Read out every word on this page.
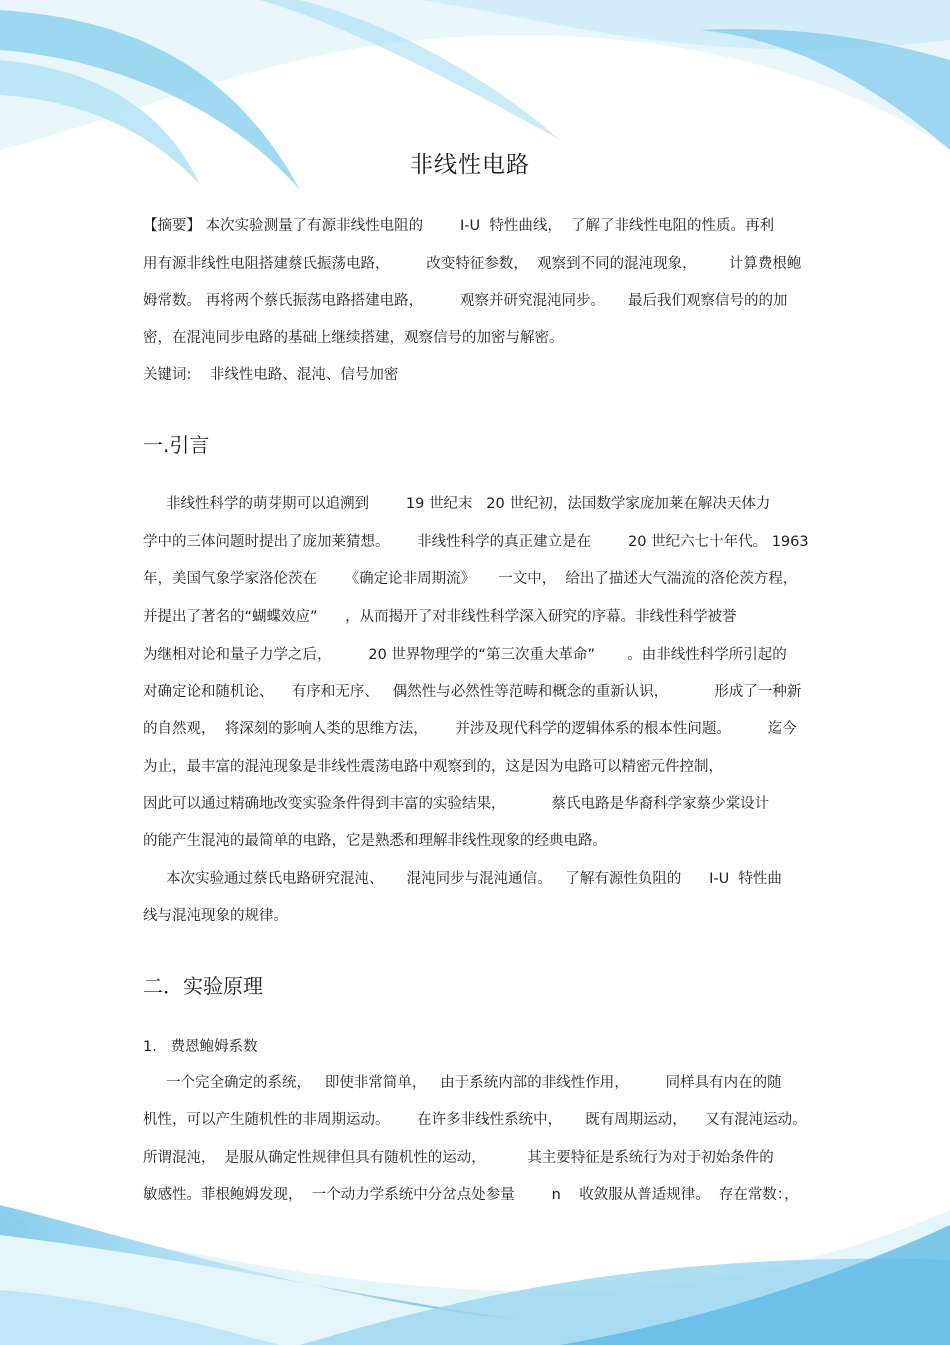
非线性电路
【摘要】 本次实验测量了有源非线性电阻的        I-U  特性曲线，  了解了非线性电阻的性质。再利
用有源非线性电阻搭建蔡氏振荡电路，        改变特征参数，  观察到不同的混沌现象，       计算费根鲍
姆常数。 再将两个蔡氏振荡电路搭建电路，        观察并研究混沌同步。     最后我们观察信号的的加
密，在混沌同步电路的基础上继续搭建，观察信号的加密与解密。
关键词:    非线性电路、混沌、信号加密
一.引言
非线性科学的萌芽期可以追溯到        19 世纪末   20 世纪初，法国数学家庞加莱在解决天体力
学中的三体问题时提出了庞加莱猜想。      非线性科学的真正建立是在        20 世纪六七十年代。 1963
年，美国气象学家洛伦茨在      《确定论非周期流》     一文中，  给出了描述大气湍流的洛伦茨方程，
并提出了著名的“蝴蝶效应”      ，从而揭开了对非线性科学深入研究的序幕。非线性科学被誉
为继相对论和量子力学之后，        20 世界物理学的“第三次重大革命”       。由非线性科学所引起的
对确定论和随机论、    有序和无序、   偶然性与必然性等范畴和概念的重新认识，          形成了一种新
的自然观，  将深刻的影响人类的思维方法，      并涉及现代科学的逻辑体系的根本性问题。        迄今
为止，最丰富的混沌现象是非线性震荡电路中观察到的，这是因为电路可以精密元件控制，
因此可以通过精确地改变实验条件得到丰富的实验结果，          蔡氏电路是华裔科学家蔡少棠设计
的能产生混沌的最简单的电路，它是熟悉和理解非线性现象的经典电路。
本次实验通过蔡氏电路研究混沌、     混沌同步与混沌通信。   了解有源性负阻的      I-U  特性曲
线与混沌现象的规律。
二．实验原理
1.   费恩鲍姆系数
一个完全确定的系统，   即使非常简单，   由于系统内部的非线性作用，        同样具有内在的随
机性，可以产生随机性的非周期运动。      在许多非线性系统中，     既有周期运动，    又有混沌运动。
所谓混沌，  是服从确定性规律但具有随机性的运动，         其主要特征是系统行为对于初始条件的
敏感性。菲根鲍姆发现，  一个动力学系统中分岔点处参量        n    收敛服从普适规律。  存在常数：，
